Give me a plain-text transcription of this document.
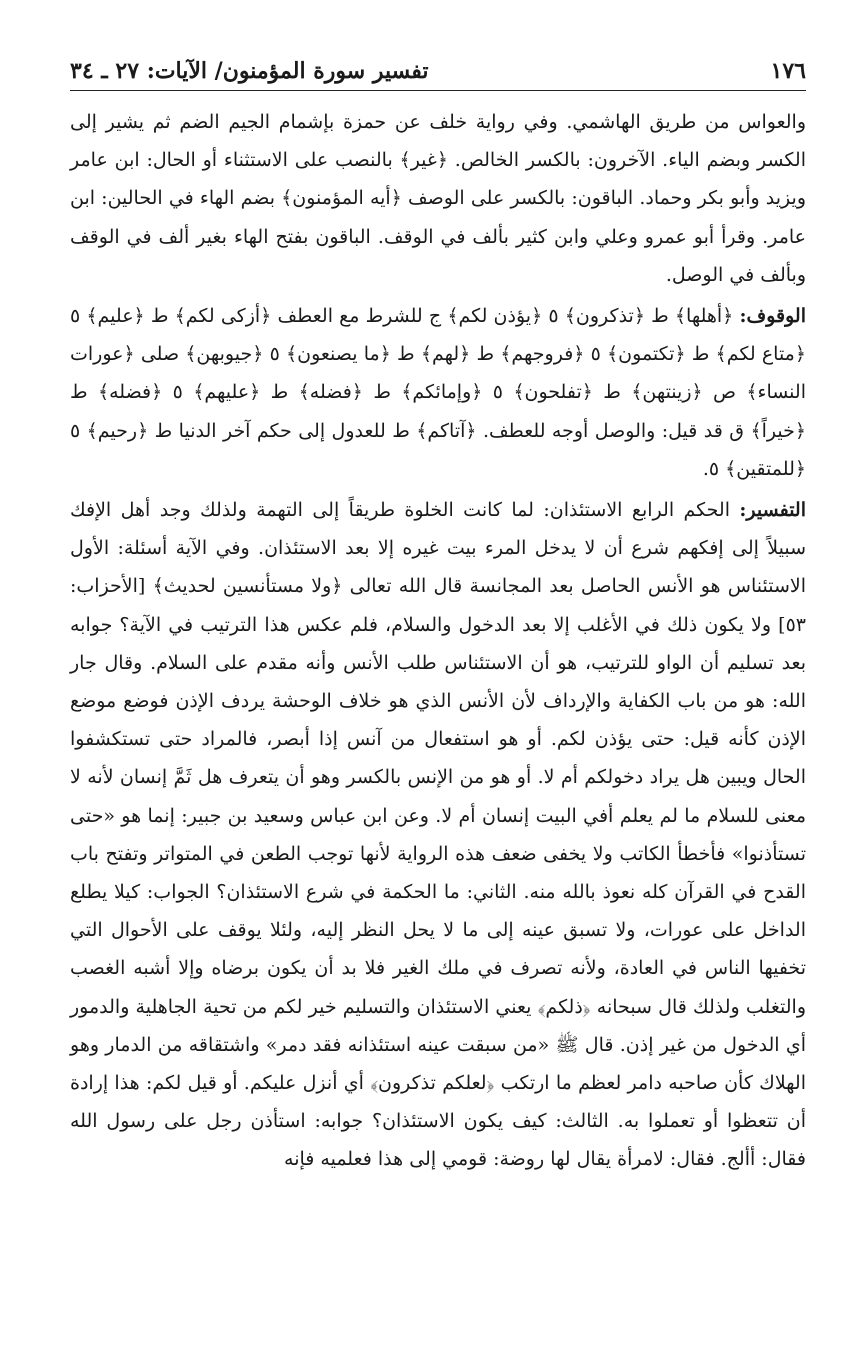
١٧٦
تفسير سورة المؤمنون/ الآيات: ٢٧ ـ ٣٤

والعواس من طريق الهاشمي. وفي رواية خلف عن حمزة بإشمام الجيم الضم ثم يشير إلى الكسر وبضم الياء. الآخرون: بالكسر الخالص. ﴿غير﴾ بالنصب على الاستثناء أو الحال: ابن عامر ويزيد وأبو بكر وحماد. الباقون: بالكسر على الوصف ﴿أيه المؤمنون﴾ بضم الهاء في الحالين: ابن عامر. وقرأ أبو عمرو وعلي وابن كثير بألف في الوقف. الباقون بفتح الهاء بغير ألف في الوقف وبألف في الوصل.

الوقوف: ﴿أهلها﴾ ط ﴿تذكرون﴾ ٥ ﴿يؤذن لكم﴾ ج للشرط مع العطف ﴿أزكى لكم﴾ ط ﴿عليم﴾ ٥ ﴿متاع لكم﴾ ط ﴿تكتمون﴾ ٥ ﴿فروجهم﴾ ط ﴿لهم﴾ ط ﴿ما يصنعون﴾ ٥ ﴿جيوبهن﴾ صلى ﴿عورات النساء﴾ ص ﴿زينتهن﴾ ط ﴿تفلحون﴾ ٥ ﴿وإمائكم﴾ ط ﴿فضله﴾ ط ﴿عليهم﴾ ٥ ﴿فضله﴾ ط ﴿خيراً﴾ ق قد قيل: والوصل أوجه للعطف. ﴿آتاكم﴾ ط للعدول إلى حكم آخر الدنيا ط ﴿رحيم﴾ ٥ ﴿للمتقين﴾ ٥.

التفسير: الحكم الرابع الاستئذان: لما كانت الخلوة طريقاً إلى التهمة ولذلك وجد أهل الإفك سبيلاً إلى إفكهم شرع أن لا يدخل المرء بيت غيره إلا بعد الاستئذان. وفي الآية أسئلة: الأول الاستئناس هو الأنس الحاصل بعد المجانسة قال الله تعالى ﴿ولا مستأنسين لحديث﴾ [الأحزاب: ٥٣] ولا يكون ذلك في الأغلب إلا بعد الدخول والسلام، فلم عكس هذا الترتيب في الآية؟ جوابه بعد تسليم أن الواو للترتيب، هو أن الاستئناس طلب الأنس وأنه مقدم على السلام. وقال جار الله: هو من باب الكفاية والإرداف لأن الأنس الذي هو خلاف الوحشة يردف الإذن فوضع موضع الإذن كأنه قيل: حتى يؤذن لكم. أو هو استفعال من آنس إذا أبصر، فالمراد حتى تستكشفوا الحال ويبين هل يراد دخولكم أم لا. أو هو من الإنس بالكسر وهو أن يتعرف هل ثَمَّ إنسان لأنه لا معنى للسلام ما لم يعلم أفي البيت إنسان أم لا. وعن ابن عباس وسعيد بن جبير: إنما هو «حتى تستأذنوا» فأخطأ الكاتب ولا يخفى ضعف هذه الرواية لأنها توجب الطعن في المتواتر وتفتح باب القدح في القرآن كله نعوذ بالله منه. الثاني: ما الحكمة في شرع الاستئذان؟ الجواب: كيلا يطلع الداخل على عورات، ولا تسبق عينه إلى ما لا يحل النظر إليه، ولئلا يوقف على الأحوال التي تخفيها الناس في العادة، ولأنه تصرف في ملك الغير فلا بد أن يكون برضاه وإلا أشبه الغصب والتغلب ولذلك قال سبحانه ﴿ذلكم﴾ يعني الاستئذان والتسليم خير لكم من تحية الجاهلية والدمور أي الدخول من غير إذن. قال ﷺ «من سبقت عينه استئذانه فقد دمر» واشتقاقه من الدمار وهو الهلاك كأن صاحبه دامر لعظم ما ارتكب ﴿لعلكم تذكرون﴾ أي أنزل عليكم. أو قيل لكم: هذا إرادة أن تتعظوا أو تعملوا به. الثالث: كيف يكون الاستئذان؟ جوابه: استأذن رجل على رسول الله فقال: أألج. فقال: لامرأة يقال لها روضة: قومي إلى هذا فعلميه فإنه
